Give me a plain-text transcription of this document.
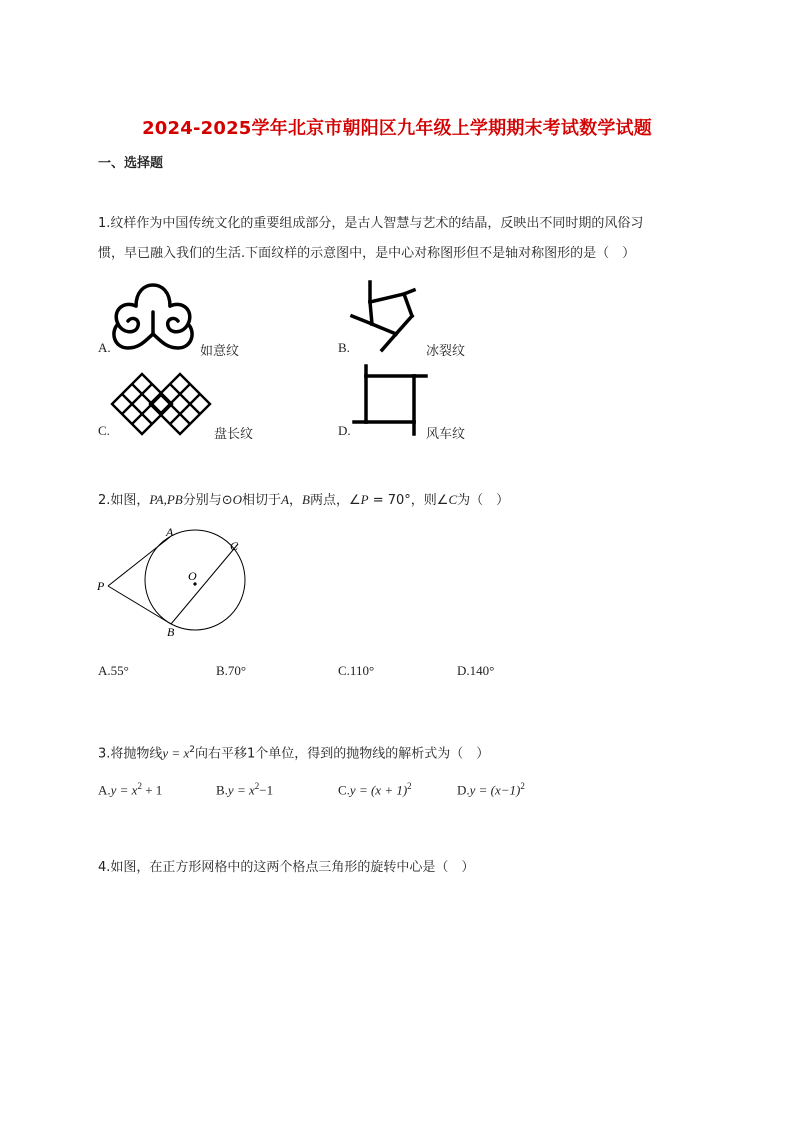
2024-2025学年北京市朝阳区九年级上学期期末考试数学试题
一、选择题
1.纹样作为中国传统文化的重要组成部分，是古人智慧与艺术的结晶，反映出不同时期的风俗习
惯，早已融入我们的生活.下面纹样的示意图中，是中心对称图形但不是轴对称图形的是（　）
A.	如意纹	B.	冰裂纹
C.	盘长纹	D.	风车纹
2.如图，PA,PB分别与⊙O相切于A，B两点，∠P = 70°，则∠C为（　）
A
C
P
O
B
A.55°	B.70°	C.110°	D.140°
3.将抛物线$y = x^2$向右平移1个单位，得到的抛物线的解析式为（　）
$A.y = x^2 + 1$	$B.y = x^2-1$	$C.y = (x + 1)^2$	$D.y = (x-1)^2$
4.如图，在正方形网格中的这两个格点三角形的旋转中心是（　）
